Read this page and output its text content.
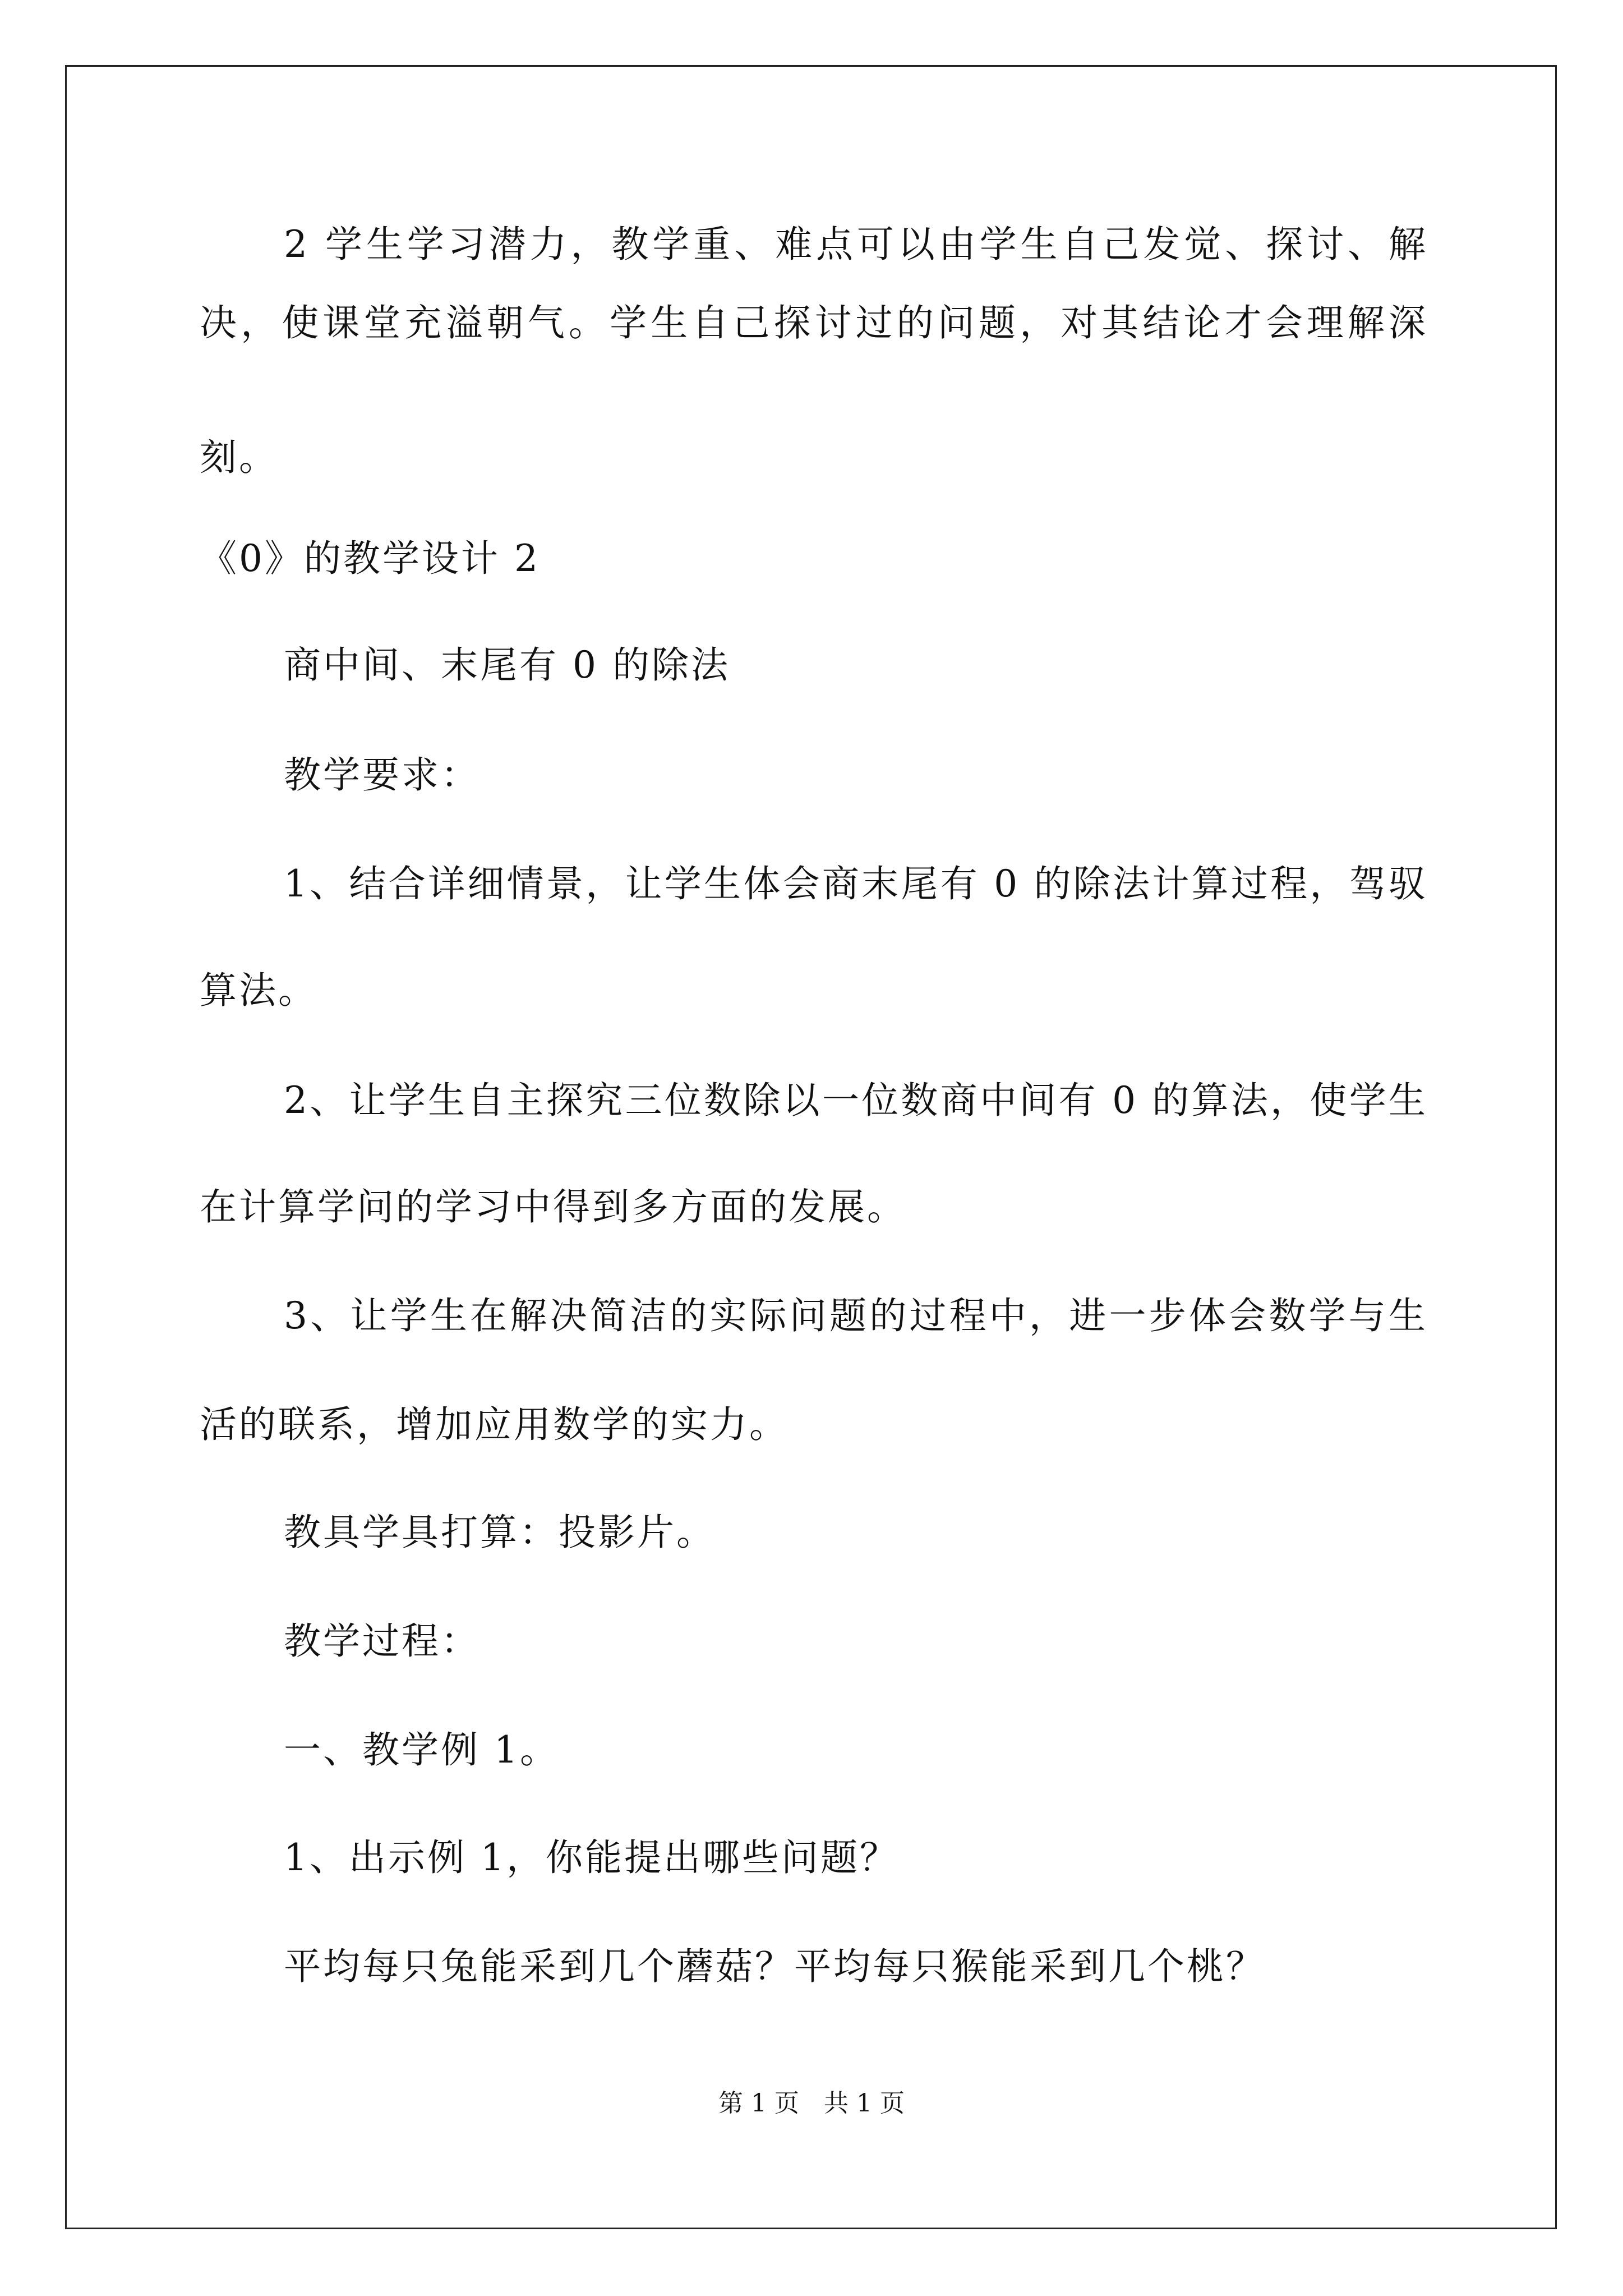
2 学生学习潜力，教学重、难点可以由学生自己发觉、探讨、解
决，使课堂充溢朝气。学生自己探讨过的问题，对其结论才会理解深
刻。
《0》的教学设计 2
商中间、末尾有 0 的除法
教学要求：
1、结合详细情景，让学生体会商末尾有 0 的除法计算过程，驾驭
算法。
2、让学生自主探究三位数除以一位数商中间有 0 的算法，使学生
在计算学问的学习中得到多方面的发展。
3、让学生在解决简洁的实际问题的过程中，进一步体会数学与生
活的联系，增加应用数学的实力。
教具学具打算：投影片。
教学过程：
一、教学例 1。
1、出示例 1，你能提出哪些问题？
平均每只兔能采到几个蘑菇？平均每只猴能采到几个桃？
第 1 页　共 1 页
